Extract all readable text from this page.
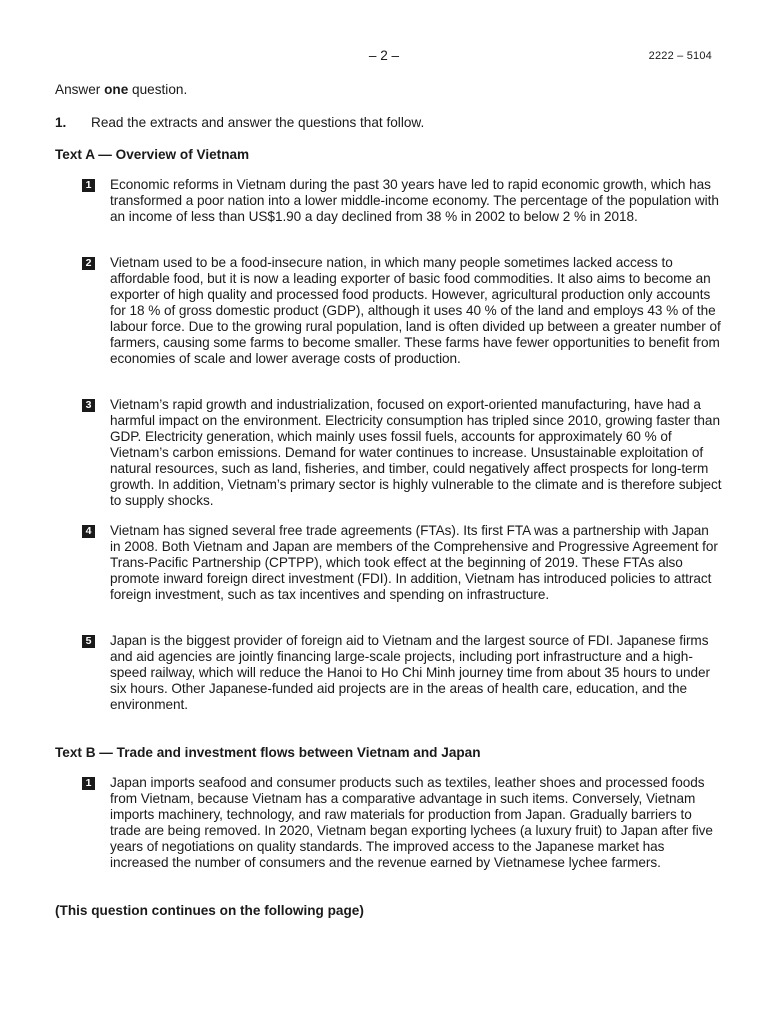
– 2 –	2222 – 5104
Answer one question.
1. Read the extracts and answer the questions that follow.
Text A — Overview of Vietnam
1 Economic reforms in Vietnam during the past 30 years have led to rapid economic growth, which has transformed a poor nation into a lower middle-income economy. The percentage of the population with an income of less than US$1.90 a day declined from 38 % in 2002 to below 2 % in 2018.
2 Vietnam used to be a food-insecure nation, in which many people sometimes lacked access to affordable food, but it is now a leading exporter of basic food commodities. It also aims to become an exporter of high quality and processed food products. However, agricultural production only accounts for 18 % of gross domestic product (GDP), although it uses 40 % of the land and employs 43 % of the labour force. Due to the growing rural population, land is often divided up between a greater number of farmers, causing some farms to become smaller. These farms have fewer opportunities to benefit from economies of scale and lower average costs of production.
3 Vietnam’s rapid growth and industrialization, focused on export-oriented manufacturing, have had a harmful impact on the environment. Electricity consumption has tripled since 2010, growing faster than GDP. Electricity generation, which mainly uses fossil fuels, accounts for approximately 60 % of Vietnam’s carbon emissions. Demand for water continues to increase. Unsustainable exploitation of natural resources, such as land, fisheries, and timber, could negatively affect prospects for long-term growth. In addition, Vietnam’s primary sector is highly vulnerable to the climate and is therefore subject to supply shocks.
4 Vietnam has signed several free trade agreements (FTAs). Its first FTA was a partnership with Japan in 2008. Both Vietnam and Japan are members of the Comprehensive and Progressive Agreement for Trans-Pacific Partnership (CPTPP), which took effect at the beginning of 2019. These FTAs also promote inward foreign direct investment (FDI). In addition, Vietnam has introduced policies to attract foreign investment, such as tax incentives and spending on infrastructure.
5 Japan is the biggest provider of foreign aid to Vietnam and the largest source of FDI. Japanese firms and aid agencies are jointly financing large-scale projects, including port infrastructure and a high-speed railway, which will reduce the Hanoi to Ho Chi Minh journey time from about 35 hours to under six hours. Other Japanese-funded aid projects are in the areas of health care, education, and the environment.
Text B — Trade and investment flows between Vietnam and Japan
1 Japan imports seafood and consumer products such as textiles, leather shoes and processed foods from Vietnam, because Vietnam has a comparative advantage in such items. Conversely, Vietnam imports machinery, technology, and raw materials for production from Japan. Gradually barriers to trade are being removed. In 2020, Vietnam began exporting lychees (a luxury fruit) to Japan after five years of negotiations on quality standards. The improved access to the Japanese market has increased the number of consumers and the revenue earned by Vietnamese lychee farmers.
(This question continues on the following page)
